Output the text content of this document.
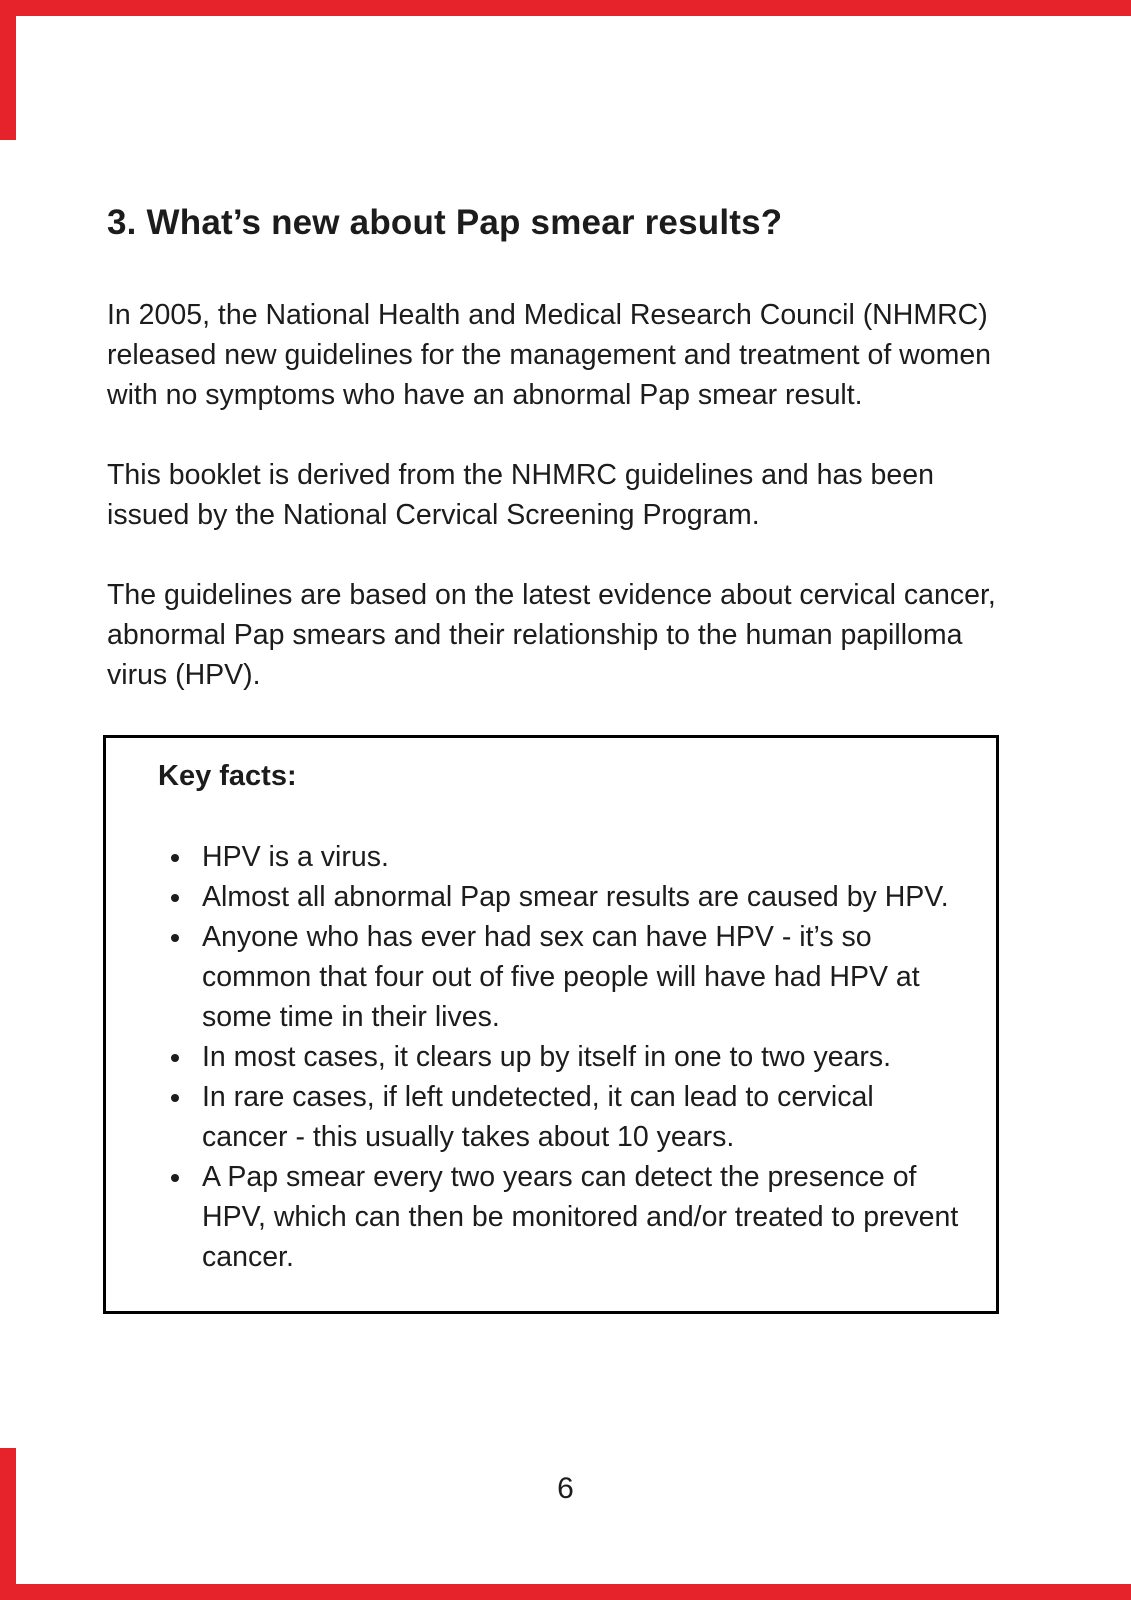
3. What’s new about Pap smear results?

In 2005, the National Health and Medical Research Council (NHMRC) released new guidelines for the management and treatment of women with no symptoms who have an abnormal Pap smear result.

This booklet is derived from the NHMRC guidelines and has been issued by the National Cervical Screening Program.

The guidelines are based on the latest evidence about cervical cancer, abnormal Pap smears and their relationship to the human papilloma virus (HPV).

Key facts:
• HPV is a virus.
• Almost all abnormal Pap smear results are caused by HPV.
• Anyone who has ever had sex can have HPV - it’s so common that four out of five people will have had HPV at some time in their lives.
• In most cases, it clears up by itself in one to two years.
• In rare cases, if left undetected, it can lead to cervical cancer - this usually takes about 10 years.
• A Pap smear every two years can detect the presence of HPV, which can then be monitored and/or treated to prevent cancer.
6
